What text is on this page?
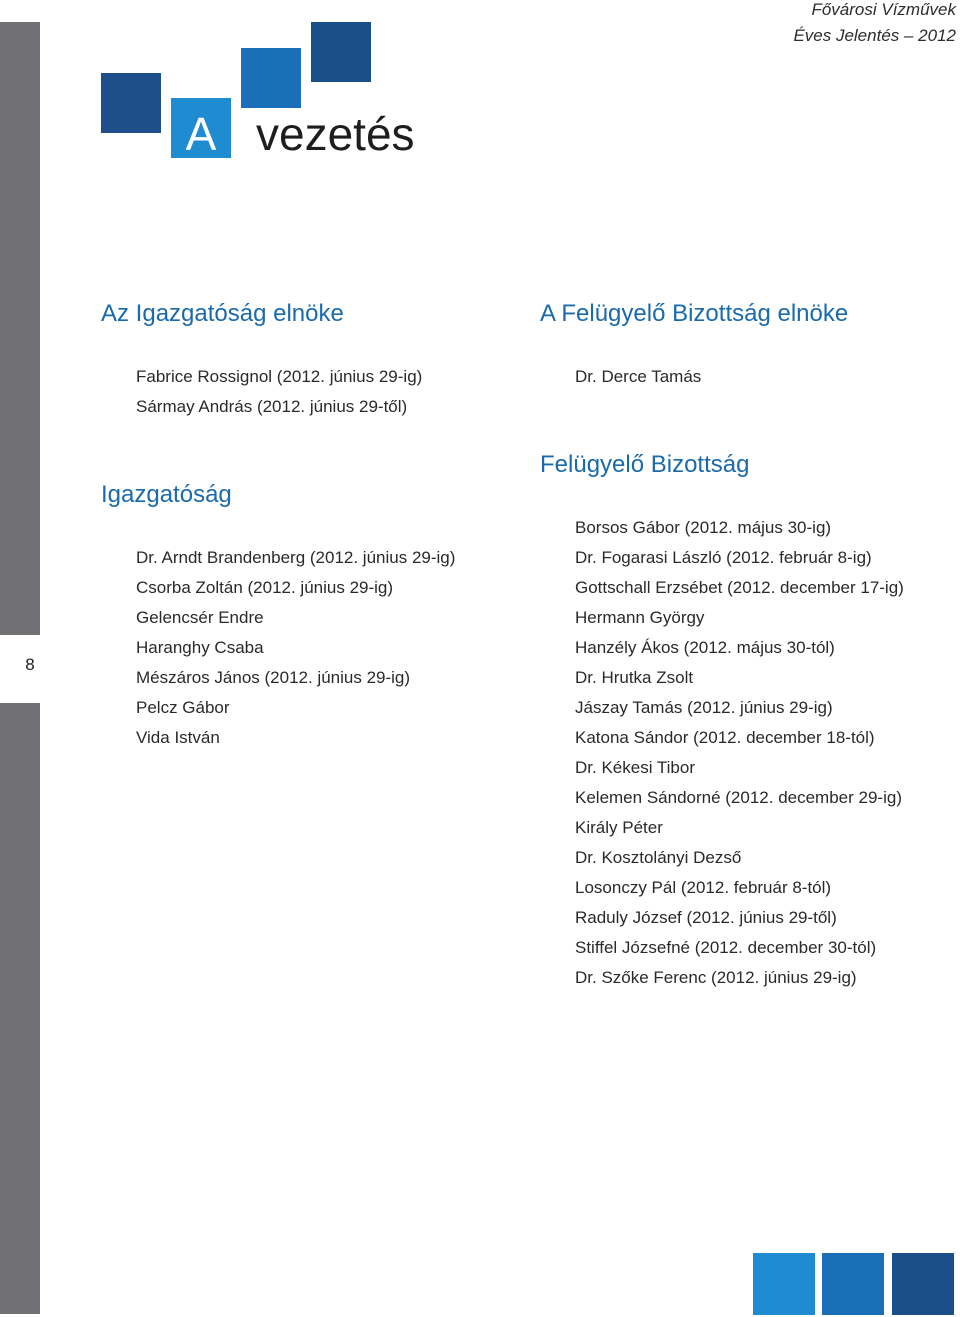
8
Fővárosi Vízművek
Éves Jelentés – 2012
A vezetés
Az Igazgatóság elnöke
Fabrice Rossignol (2012. június 29-ig)
Sármay András (2012. június 29-től)
A Felügyelő Bizottság elnöke
Dr. Derce Tamás
Igazgatóság
Dr. Arndt Brandenberg (2012. június 29-ig)
Csorba Zoltán (2012. június 29-ig)
Gelencsér Endre
Haranghy Csaba
Mészáros János (2012. június 29-ig)
Pelcz Gábor
Vida István
Felügyelő Bizottság
Borsos Gábor (2012. május 30-ig)
Dr. Fogarasi László (2012. február 8-ig)
Gottschall Erzsébet (2012. december 17-ig)
Hermann György
Hanzély Ákos (2012. május 30-tól)
Dr. Hrutka Zsolt
Jászay Tamás (2012. június 29-ig)
Katona Sándor (2012. december 18-tól)
Dr. Kékesi Tibor
Kelemen Sándorné (2012. december 29-ig)
Király Péter
Dr. Kosztolányi Dezső
Losonczy Pál (2012. február 8-tól)
Raduly József (2012. június 29-től)
Stiffel Józsefné (2012. december 30-tól)
Dr. Szőke Ferenc (2012. június 29-ig)
